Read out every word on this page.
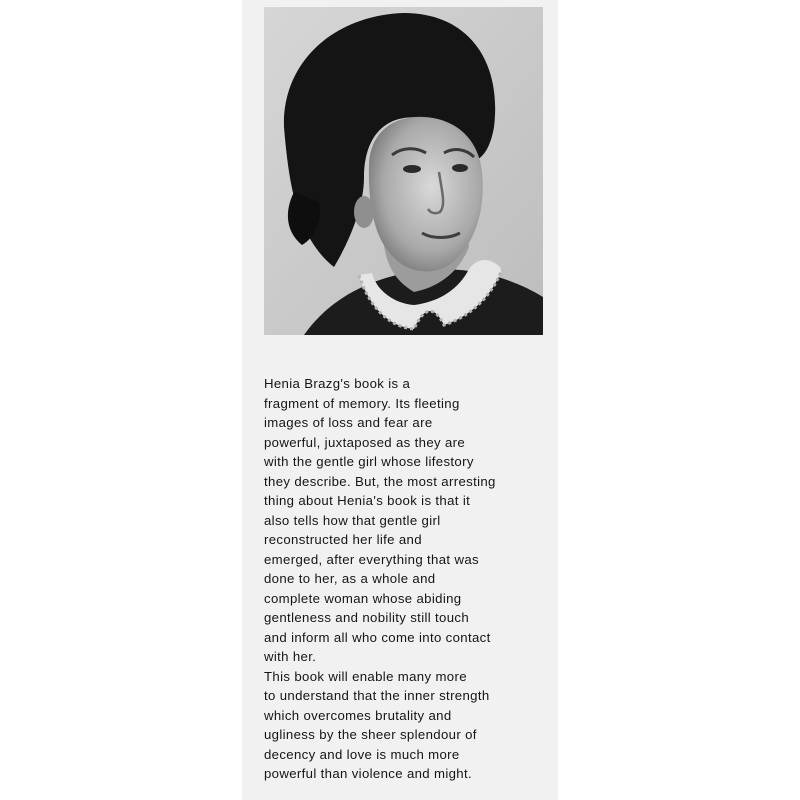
Henia Brazg's book is a
fragment of memory. Its fleeting
images of loss and fear are
powerful, juxtaposed as they are
with the gentle girl whose lifestory
they describe. But, the most arresting
thing about Henia's book is that it
also tells how that gentle girl
reconstructed her life and
emerged, after everything that was
done to her, as a whole and
complete woman whose abiding
gentleness and nobility still touch
and inform all who come into contact
with her.
This book will enable many more
to understand that the inner strength
which overcomes brutality and
ugliness by the sheer splendour of
decency and love is much more
powerful than violence and might.
